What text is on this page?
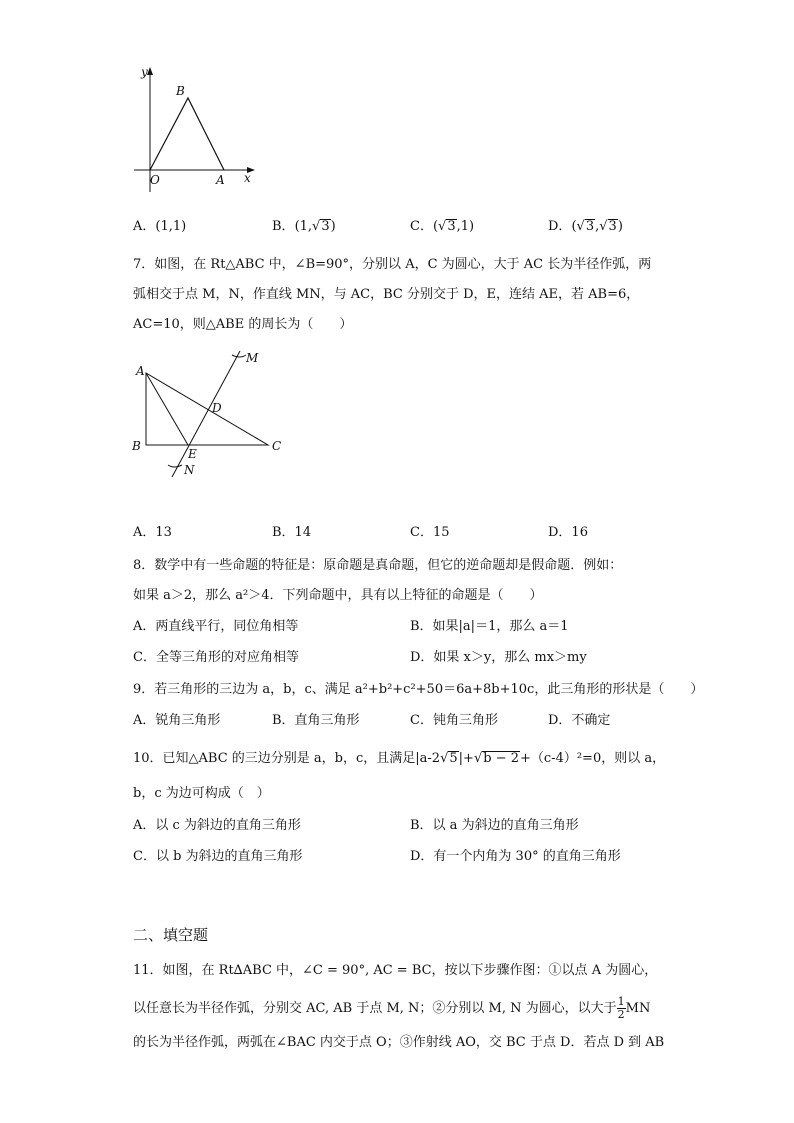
y
B
O	A x
A．(1,1)	B．(1,√3)	C．(√3,1)	D．(√3,√3)
7．如图，在 Rt△ABC 中，∠B=90°，分别以 A，C 为圆心，大于 AC 长为半径作弧，两
弧相交于点 M，N，作直线 MN，与 AC，BC 分别交于 D，E，连结 AE，若 AB=6，
AC=10，则△ABE 的周长为（　　）
M
A
D
B
E
C
N
A．13	B．14	C．15	D．16
8．数学中有一些命题的特征是：原命题是真命题，但它的逆命题却是假命题．例如：
如果 a＞2，那么 a²＞4．下列命题中，具有以上特征的命题是（　　）
A．两直线平行，同位角相等	B．如果|a|＝1，那么 a＝1
C．全等三角形的对应角相等	D．如果 x＞y，那么 mx＞my
9．若三角形的三边为 a，b，c、满足 a²+b²+c²+50＝6a+8b+10c，此三角形的形状是（　　）
A．锐角三角形	B．直角三角形	C．钝角三角形	D．不确定
10．已知△ABC 的三边分别是 a，b，c，且满足|a-2√5|+√b − 2+（c-4）²=0，则以 a，
b，c 为边可构成（　）
A．以 c 为斜边的直角三角形	B．以 a 为斜边的直角三角形
C．以 b 为斜边的直角三角形	D．有一个内角为 30° 的直角三角形
二、填空题
11．如图，在 Rt∆ABC 中，∠C = 90°, AC = BC，按以下步骤作图：①以点 A 为圆心，
以任意长为半径作弧，分别交 AC, AB 于点 M, N；②分别以 M, N 为圆心，以大于 $\frac{1}{2}$ MN
的长为半径作弧，两弧在∠BAC 内交于点 O；③作射线 AO，交 BC 于点 D．若点 D 到 AB
